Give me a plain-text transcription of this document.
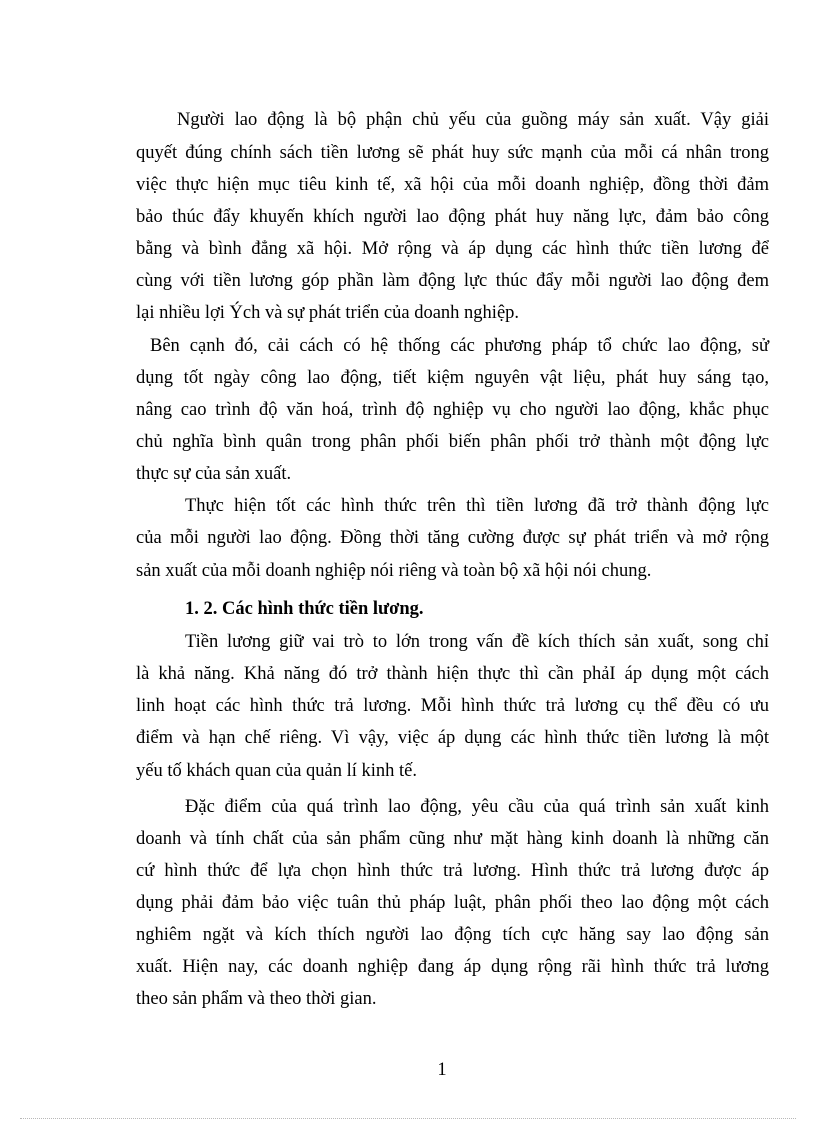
Người lao động là bộ phận chủ yếu của guồng máy sản xuất. Vậy giải
quyết đúng chính sách tiền lương sẽ phát huy sức mạnh của mỗi cá nhân trong
việc thực hiện mục tiêu kinh tế, xã hội của mỗi doanh nghiệp, đồng thời đảm
bảo thúc đẩy khuyến khích người lao động phát huy năng lực, đảm bảo công
bằng và bình đẳng xã hội. Mở rộng và áp dụng các hình thức tiền lương để
cùng với tiền lương góp phần làm động lực thúc đẩy mỗi người lao động đem
lại nhiều lợi Ých và sự phát triển của doanh nghiệp.
Bên cạnh đó, cải cách có hệ thống các phương pháp tổ chức lao động, sử
dụng tốt ngày công lao động, tiết kiệm nguyên vật liệu, phát huy sáng tạo,
nâng cao trình độ văn hoá, trình độ nghiệp vụ cho người lao động, khắc phục
chủ nghĩa bình quân trong phân phối biến phân phối trở thành một động lực
thực sự của sản xuất.
Thực hiện tốt các hình thức trên thì tiền lương đã trở thành động lực
của mỗi người lao động. Đồng thời tăng cường được sự phát triển và mở rộng
sản xuất của mỗi doanh nghiệp nói riêng và toàn bộ xã hội nói chung.
1. 2. Các hình thức tiền lương.
Tiền lương giữ vai trò to lớn trong vấn đề kích thích sản xuất, song chỉ
là khả năng. Khả năng đó trở thành hiện thực thì cần phảI áp dụng một cách
linh hoạt các hình thức trả lương. Mỗi hình thức trả lương cụ thể đều có ưu
điểm và hạn chế riêng. Vì vậy, việc áp dụng các hình thức tiền lương là một
yếu tố khách quan của quản lí kinh tế.
Đặc điểm của quá trình lao động, yêu cầu của quá trình sản xuất kinh
doanh và tính chất của sản phẩm cũng như mặt hàng kinh doanh là những căn
cứ hình thức để lựa chọn hình thức trả lương. Hình thức trả lương được áp
dụng phải đảm bảo việc tuân thủ pháp luật, phân phối theo lao động một cách
nghiêm ngặt và kích thích người lao động tích cực hăng say lao động sản
xuất. Hiện nay, các doanh nghiệp đang áp dụng rộng rãi hình thức trả lương
theo sản phẩm và theo thời gian.
1
